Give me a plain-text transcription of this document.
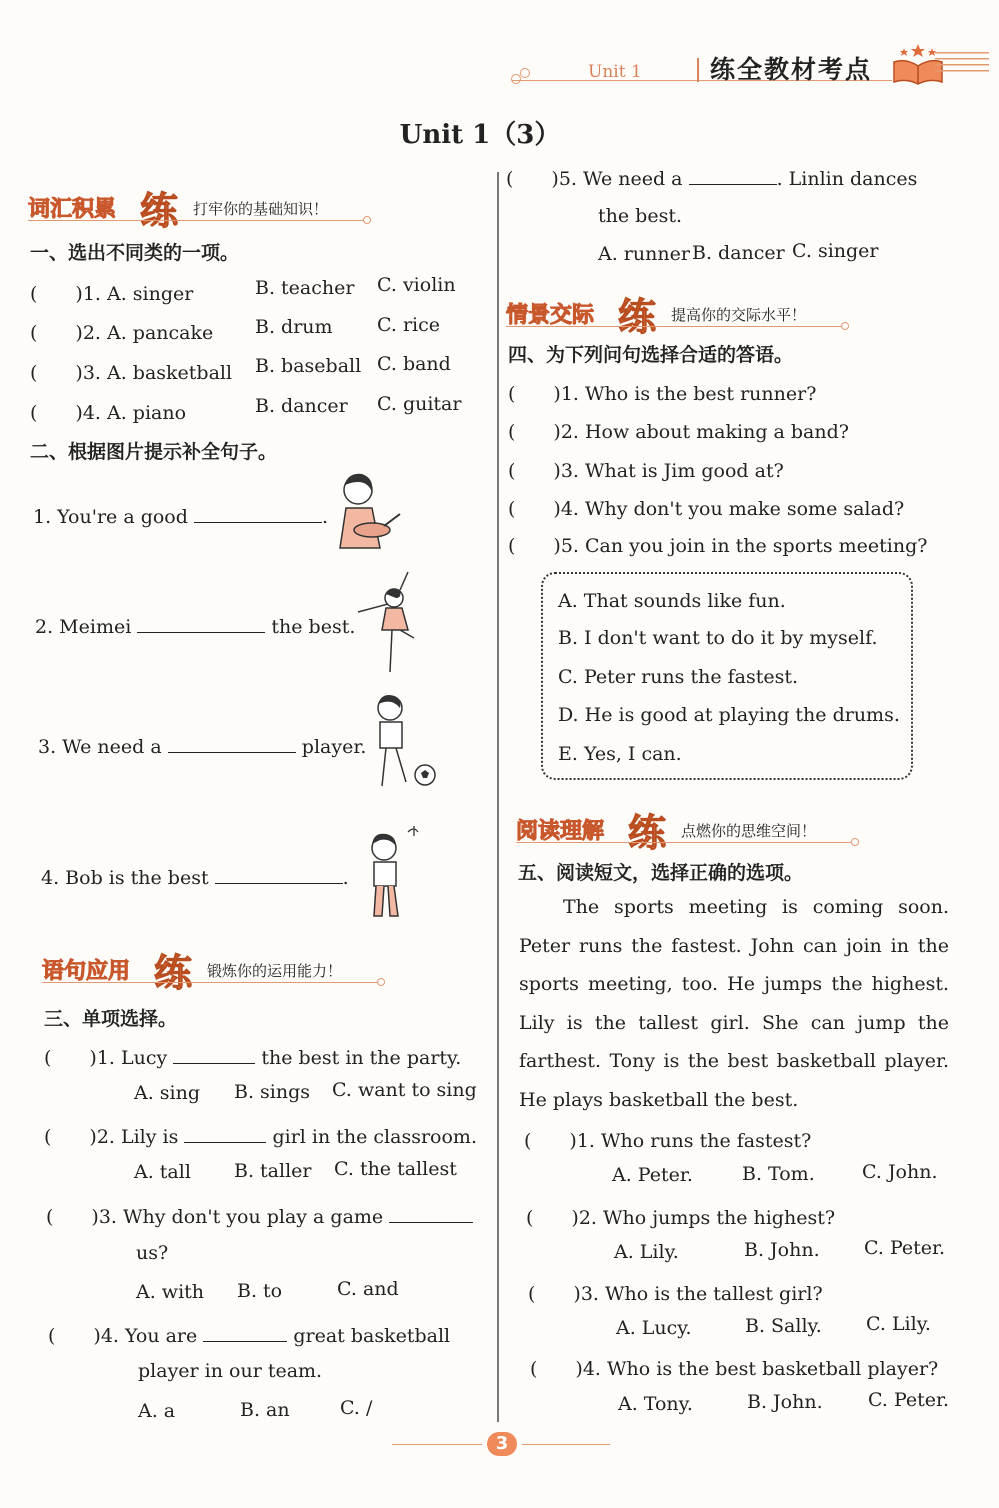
Unit 1	练全教材考点
Unit 1（3）
词汇积累 练 打牢你的基础知识！
一、选出不同类的一项。
(　　)1. A. singer	B. teacher C. violin
(　　)2. A. pancake B. drum C. rice
(　　)3. A. basketball B. baseball C. band
(　　)4. A. piano	B. dancer C. guitar
二、根据图片提示补全句子。
1. You're a good	.
2. Meimei	the best.
3. We need a	player.
4. Bob is the best	.
语句应用 练 锻炼你的运用能力！
三、单项选择。
(　　)1. Lucy	the best in the party.
A. sing B. sings C. want to sing
(　　)2. Lily is	girl in the classroom.
A. tall B. taller C. the tallest
(　　)3. Why don't you play a game
us?
A. with B. to	C. and
(　　)4. You are	great basketball
player in our team.
A. a	B. an	C. /
(　　)5. We need a	. Linlin dances
the best.
A. runner B. dancer C. singer
情景交际 练 提高你的交际水平！
四、为下列问句选择合适的答语。
(　　)1. Who is the best runner?
(　　)2. How about making a band?
(　　)3. What is Jim good at?
(　　)4. Why don't you make some salad?
(　　)5. Can you join in the sports meeting?
A. That sounds like fun.
B. I don't want to do it by myself.
C. Peter runs the fastest.
D. He is good at playing the drums.
E. Yes, I can.
阅读理解 练 点燃你的思维空间！
五、阅读短文，选择正确的选项。
The sports meeting is coming soon. Peter runs the fastest. John can join in the sports meeting, too. He jumps the highest. Lily is the tallest girl. She can jump the farthest. Tony is the best basketball player. He plays basketball the best.
(　　)1. Who runs the fastest?
A. Peter.	B. Tom. C. John.
(　　)2. Who jumps the highest?
A. Lily.	B. John. C. Peter.
(　　)3. Who is the tallest girl?
A. Lucy.	B. Sally. C. Lily.
(　　)4. Who is the best basketball player?
A. Tony.	B. John. C. Peter.
3
